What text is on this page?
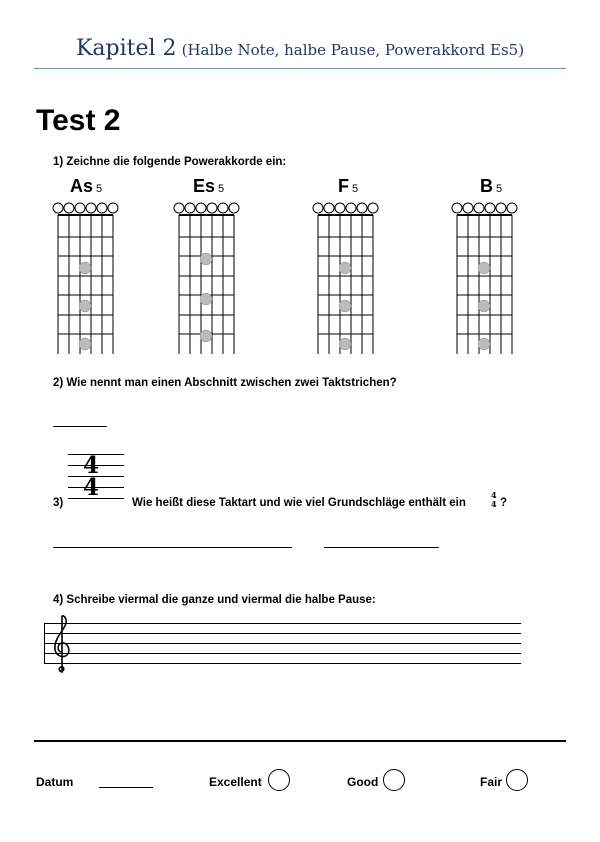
Kapitel 2 (Halbe Note, halbe Pause, Powerakkord Es5)
Test 2
1) Zeichne die folgende Powerakkorde ein:
As 5	Es 5	F 5	B 5
2) Wie nennt man einen Abschnitt zwischen zwei Taktstrichen?
4
4
3)	Wie heißt diese Taktart und wie viel Grundschläge enthält ein
4
4 ?
4) Schreibe viermal die ganze und viermal die halbe Pause:
Datum	Excellent	Good	Fair
